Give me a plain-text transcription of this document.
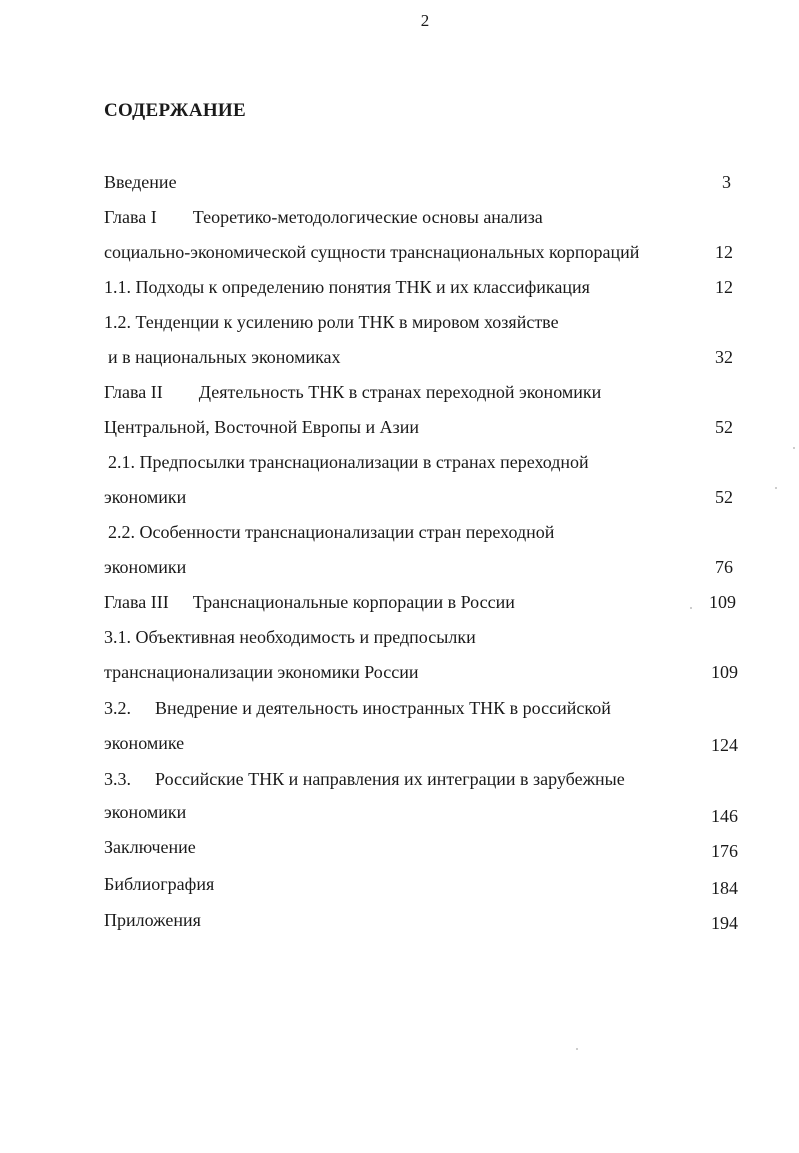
2
СОДЕРЖАНИЕ
Введение	3
Глава I Теоретико-методологические основы анализа
социально-экономической сущности транснациональных корпораций	12
1.1. Подходы к определению понятия ТНК и их классификация	12
1.2. Тенденции к усилению роли ТНК в мировом хозяйстве
и в национальных экономиках	32
Глава II Деятельность ТНК в странах переходной экономики
Центральной, Восточной Европы и Азии	52
2.1. Предпосылки транснационализации в странах переходной
экономики	52
2.2. Особенности транснационализации стран переходной
экономики	76
Глава III Транснациональные корпорации в России	109
3.1. Объективная необходимость и предпосылки
транснационализации экономики России	109
3.2. Внедрение и деятельность иностранных ТНК в российской
экономике	124
3.3. Российские ТНК и направления их интеграции в зарубежные
экономики	146
Заключение	176
Библиография	184
Приложения	194
